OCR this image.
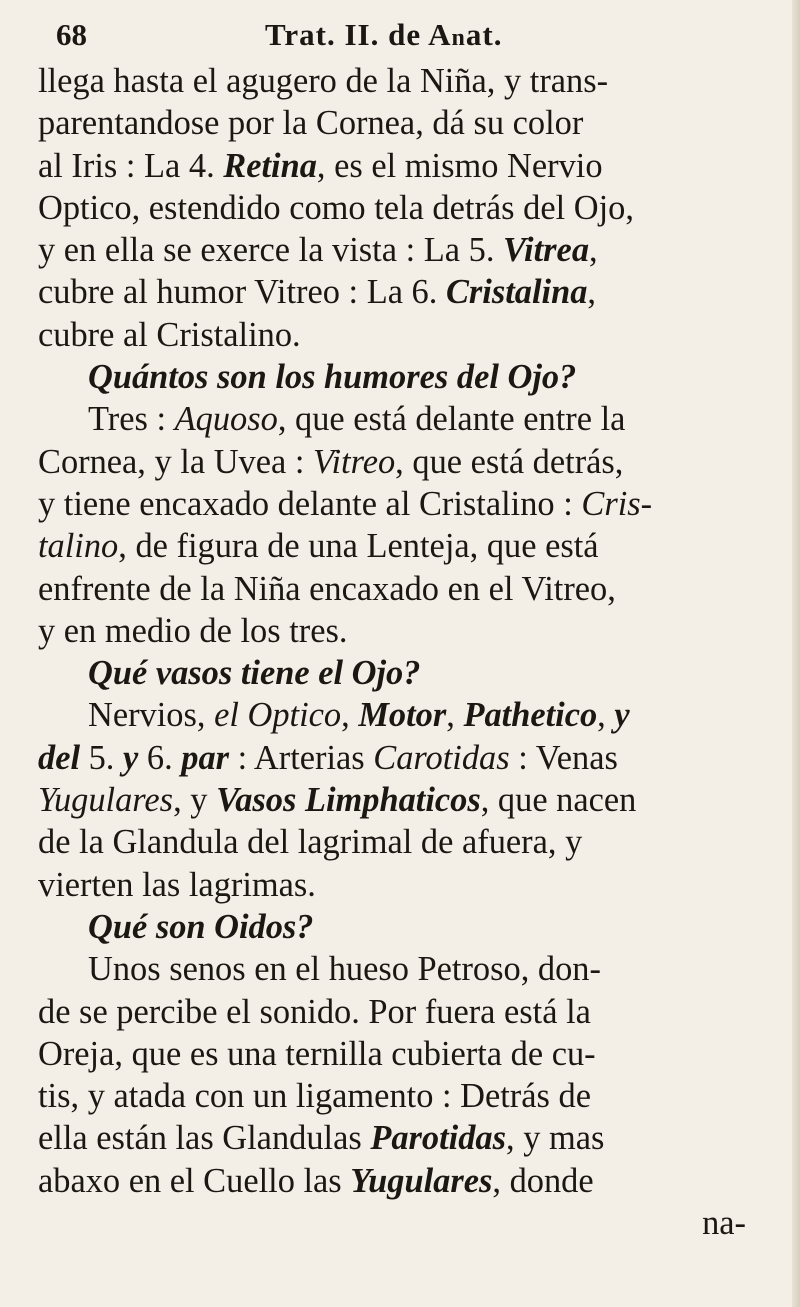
68	Trat. II. de Anat.
llega hasta el agugero de la Niña, y trans-
parentandose por la Cornea, dá su color
al Iris : La 4. Retina, es el mismo Nervio
Optico, estendido como tela detrás del Ojo,
y en ella se exerce la vista : La 5. Vitrea,
cubre al humor Vitreo : La 6. Cristalina,
cubre al Cristalino.
Quántos son los humores del Ojo?
Tres : Aquoso, que está delante entre la
Cornea, y la Uvea : Vitreo, que está detrás,
y tiene encaxado delante al Cristalino : Cris-
talino, de figura de una Lenteja, que está
enfrente de la Niña encaxado en el Vitreo,
y en medio de los tres.
Qué vasos tiene el Ojo?
Nervios, el Optico, Motor, Pathetico, y
del 5. y 6. par : Arterias Carotidas : Venas
Yugulares, y Vasos Limphaticos, que nacen
de la Glandula del lagrimal de afuera, y
vierten las lagrimas.
Qué son Oidos?
Unos senos en el hueso Petroso, don-
de se percibe el sonido. Por fuera está la
Oreja, que es una ternilla cubierta de cu-
tis, y atada con un ligamento : Detrás de
ella están las Glandulas Parotidas, y mas
abaxo en el Cuello las Yugulares, donde
na-
